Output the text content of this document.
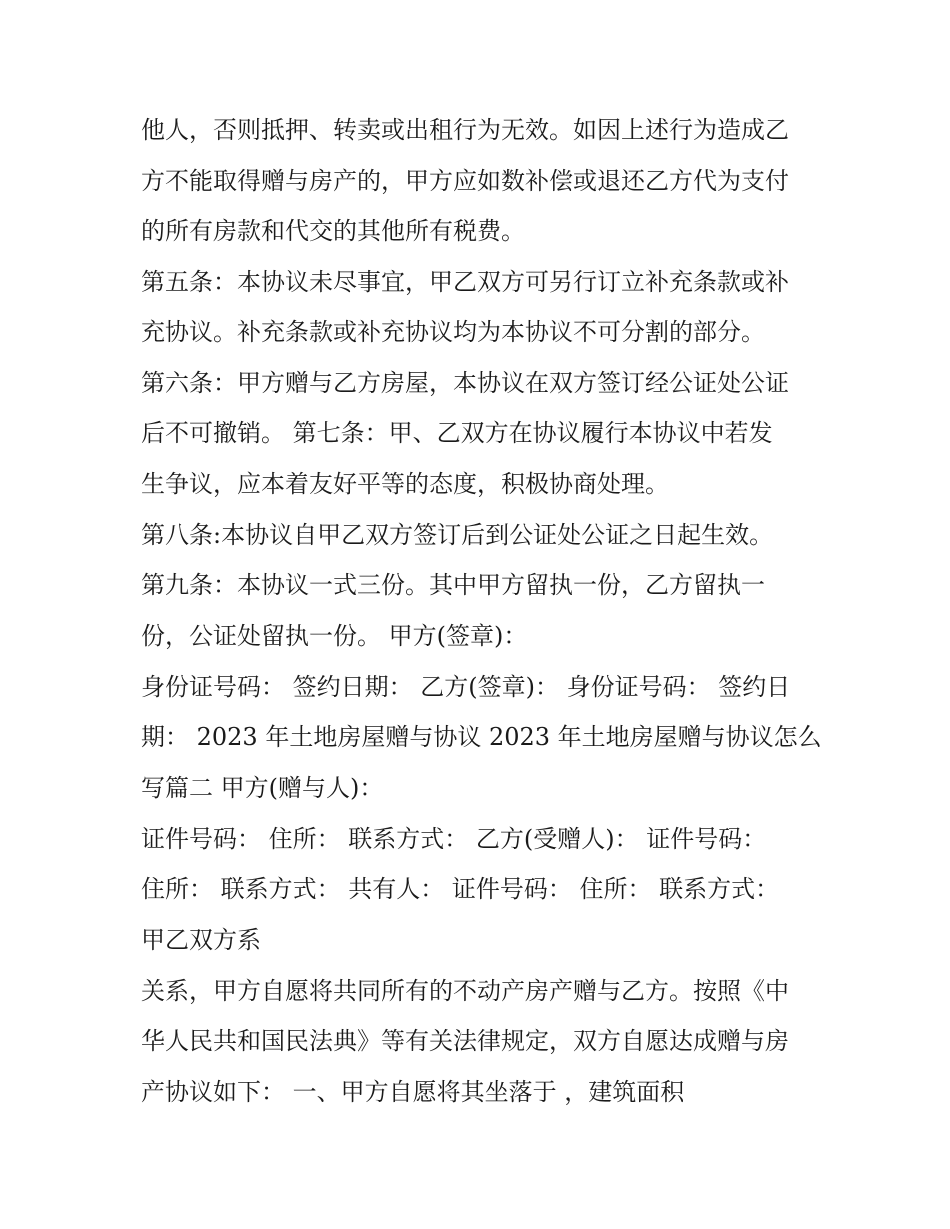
他人，否则抵押、转卖或出租行为无效。如因上述行为造成乙

方不能取得赠与房产的，甲方应如数补偿或退还乙方代为支付

的所有房款和代交的其他所有税费。

第五条：本协议未尽事宜，甲乙双方可另行订立补充条款或补

充协议。补充条款或补充协议均为本协议不可分割的部分。

第六条：甲方赠与乙方房屋，本协议在双方签订经公证处公证

后不可撤销。 第七条：甲、乙双方在协议履行本协议中若发

生争议，应本着友好平等的态度，积极协商处理。

第八条:本协议自甲乙双方签订后到公证处公证之日起生效。

第九条：本协议一式三份。其中甲方留执一份，乙方留执一

份，公证处留执一份。 甲方(签章)：

身份证号码： 签约日期： 乙方(签章)： 身份证号码： 签约日

期： 2023 年土地房屋赠与协议 2023 年土地房屋赠与协议怎么

写篇二 甲方(赠与人)：

证件号码： 住所： 联系方式： 乙方(受赠人)： 证件号码：

住所： 联系方式： 共有人： 证件号码： 住所： 联系方式：

甲乙双方系

关系，甲方自愿将共同所有的不动产房产赠与乙方。按照《中

华人民共和国民法典》等有关法律规定，双方自愿达成赠与房

产协议如下： 一、甲方自愿将其坐落于 ，建筑面积
